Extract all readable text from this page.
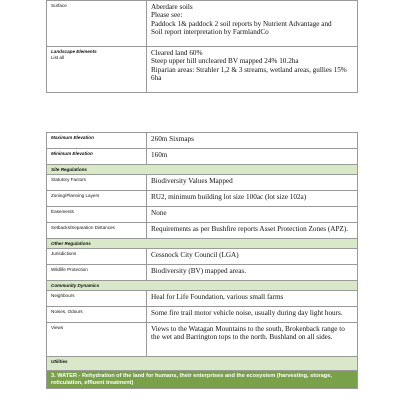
Surface	Aberdare soils
Please see:
Paddock 1& paddock 2 soil reports by Nutrient Advantage and
Soil report interpretation by FarmlandCo

Landscape Elements
List all	Cleared land 60%
Steep upper hill uncleared BV mapped 24% 10.2ha
Riparian areas: Strahler 1,2 & 3 streams, wetland areas, gullies 15% 6ha
Maximum Elevation	260m Sixmaps
Minimum Elevation	160m
Site Regulations	
Statutory Factors	Biodiversity Values Mapped
Zoning/Planning Layers	RU2, minimum building lot size 100ac (lot size 102a)
Easements	None
Setbacks/Separation Distances	Requirements as per Bushfire reports Asset Protection Zones (APZ).
Other Regulations	
Jurisdictions	Cessnock City Council (LGA)
Wildlife Protection	Biodiversity (BV) mapped areas.
Community Dynamics	
Neighbours	Heal for Life Foundation, various small farms
Noises, Odours	Some fire trail motor vehicle noise, usually during day light hours.
Views	Views to the Watagan Mountains to the south, Brokenback range to the wet and Barrington tops to the north. Bushland on all sides.
Utilities	
3. WATER - Rehydration of the land for humans, their enterprises and the ecosystem (harvesting, storage, reticulation, effluent treatment)	
